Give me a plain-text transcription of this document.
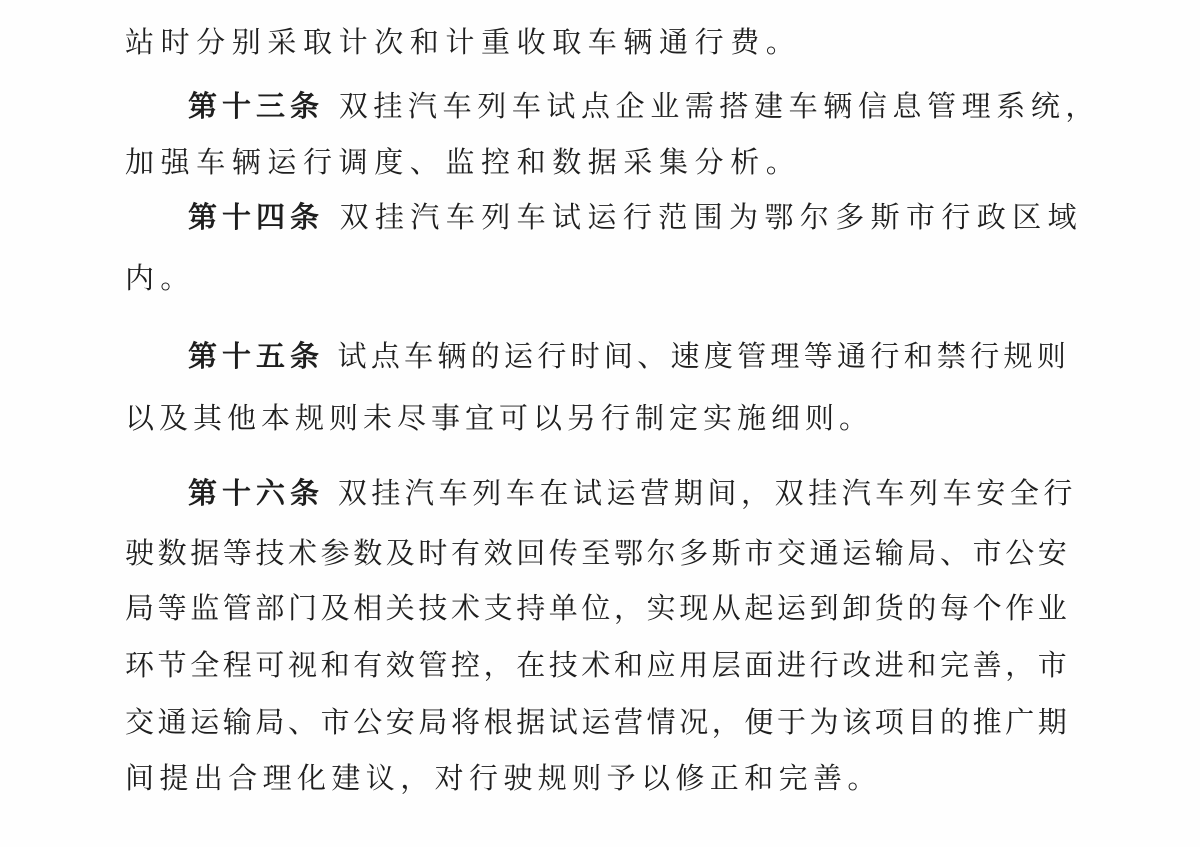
站时分别采取计次和计重收取车辆通行费。
第十三条 双挂汽车列车试点企业需搭建车辆信息管理系统，
加强车辆运行调度、监控和数据采集分析。
第十四条 双挂汽车列车试运行范围为鄂尔多斯市行政区域
内。
第十五条 试点车辆的运行时间、速度管理等通行和禁行规则
以及其他本规则未尽事宜可以另行制定实施细则。
第十六条 双挂汽车列车在试运营期间，双挂汽车列车安全行
驶数据等技术参数及时有效回传至鄂尔多斯市交通运输局、市公安
局等监管部门及相关技术支持单位，实现从起运到卸货的每个作业
环节全程可视和有效管控，在技术和应用层面进行改进和完善，市
交通运输局、市公安局将根据试运营情况，便于为该项目的推广期
间提出合理化建议，对行驶规则予以修正和完善。
